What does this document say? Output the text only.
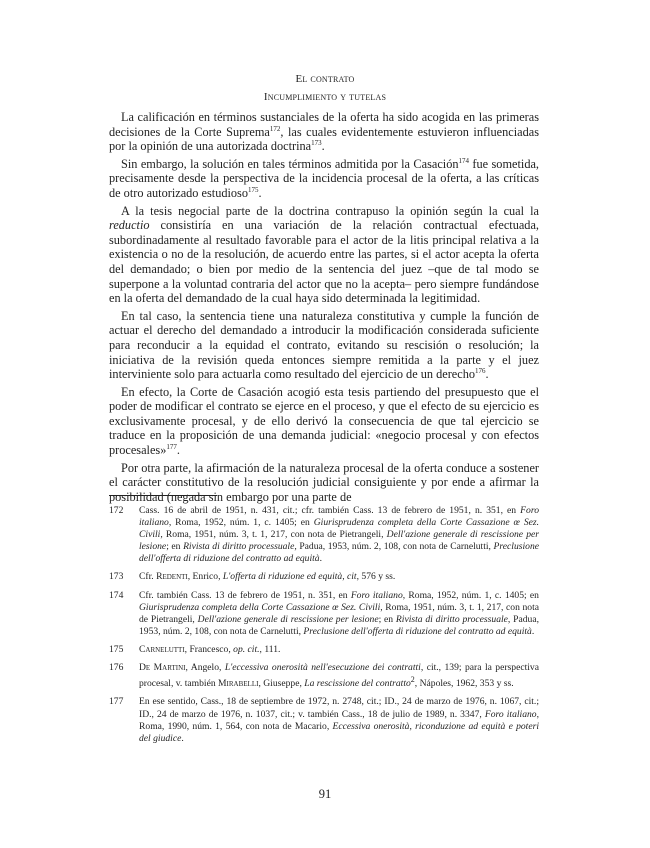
El contrato
Incumplimiento y tutelas

La calificación en términos sustanciales de la oferta ha sido acogida en las primeras decisiones de la Corte Suprema$^{172}$, las cuales evidentemente estuvieron influenciadas por la opinión de una autorizada doctrina$^{173}$.

Sin embargo, la solución en tales términos admitida por la Casación$^{174}$ fue sometida, precisamente desde la perspectiva de la incidencia procesal de la oferta, a las críticas de otro autorizado estudioso$^{175}$.

A la tesis negocial parte de la doctrina contrapuso la opinión según la cual la reductio consistiría en una variación de la relación contractual efectuada, subordinadamente al resultado favorable para el actor de la litis principal relativa a la existencia o no de la resolución, de acuerdo entre las partes, si el actor acepta la oferta del demandado; o bien por medio de la sentencia del juez –que de tal modo se superpone a la voluntad contraria del actor que no la acepta– pero siempre fundándose en la oferta del demandado de la cual haya sido determinada la legitimidad.

En tal caso, la sentencia tiene una naturaleza constitutiva y cumple la función de actuar el derecho del demandado a introducir la modificación considerada suficiente para reconducir a la equidad el contrato, evitando su rescisión o resolución; la iniciativa de la revisión queda entonces siempre remitida a la parte y el juez interviniente solo para actuarla como resultado del ejercicio de un derecho$^{176}$.

En efecto, la Corte de Casación acogió esta tesis partiendo del presupuesto que el poder de modificar el contrato se ejerce en el proceso, y que el efecto de su ejercicio es exclusivamente procesal, y de ello derivó la consecuencia de que tal ejercicio se traduce en la proposición de una demanda judicial: «negocio procesal y con efectos procesales»$^{177}$.

Por otra parte, la afirmación de la naturaleza procesal de la oferta conduce a sostener el carácter constitutivo de la resolución judicial consiguiente y por ende a afirmar la posibilidad (negada sin embargo por una parte de

172	Cass. 16 de abril de 1951, n. 431, cit.; cfr. también Cass. 13 de febrero de 1951, n. 351, en Foro italiano, Roma, 1952, núm. 1, c. 1405; en Giurisprudenza completa della Corte Cassazione œ Sez. Civili, Roma, 1951, núm. 3, t. 1, 217, con nota de Pietrangeli, Dell'azione generale di rescissione per lesione; en Rivista di diritto processuale, Padua, 1953, núm. 2, 108, con nota de Carnelutti, Preclusione dell'offerta di riduzione del contratto ad equità.
173	Cfr. Redenti, Enrico, L'offerta di riduzione ed equità, cit, 576 y ss.
174	Cfr. también Cass. 13 de febrero de 1951, n. 351, en Foro italiano, Roma, 1952, núm. 1, c. 1405; en Giurisprudenza completa della Corte Cassazione œ Sez. Civili, Roma, 1951, núm. 3, t. 1, 217, con nota de Pietrangeli, Dell'azione generale di rescissione per lesione; en Rivista di diritto processuale, Padua, 1953, núm. 2, 108, con nota de Carnelutti, Preclusione dell'offerta di riduzione del contratto ad equità.
175	Carnelutti, Francesco, op. cit., 111.
176	De Martini, Angelo, L'eccessiva onerosità nell'esecuzione dei contratti, cit., 139; para la perspectiva procesal, v. también Mirabelli, Giuseppe, La rescissione del contratto$^2$, Nápoles, 1962, 353 y ss.
177	En ese sentido, Cass., 18 de septiembre de 1972, n. 2748, cit.; ID., 24 de marzo de 1976, n. 1067, cit.; ID., 24 de marzo de 1976, n. 1037, cit.; v. también Cass., 18 de julio de 1989, n. 3347, Foro italiano, Roma, 1990, núm. 1, 564, con nota de Macario, Eccessiva onerosità, riconduzione ad equità e poteri del giudice.
91
